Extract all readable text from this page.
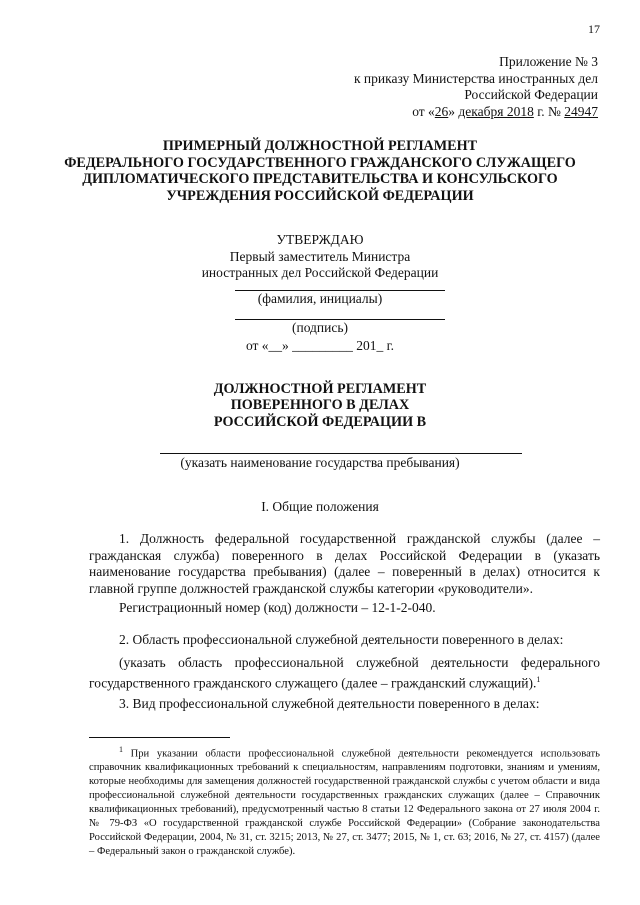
17
Приложение № 3
к приказу Министерства иностранных дел
Российской Федерации
от «26» декабря 2018 г. № 24947
ПРИМЕРНЫЙ ДОЛЖНОСТНОЙ РЕГЛАМЕНТ
ФЕДЕРАЛЬНОГО ГОСУДАРСТВЕННОГО ГРАЖДАНСКОГО СЛУЖАЩЕГО
ДИПЛОМАТИЧЕСКОГО ПРЕДСТАВИТЕЛЬСТВА И КОНСУЛЬСКОГО
УЧРЕЖДЕНИЯ РОССИЙСКОЙ ФЕДЕРАЦИИ
УТВЕРЖДАЮ
Первый заместитель Министра
иностранных дел Российской Федерации
(фамилия, инициалы)
(подпись)
от «__» _________ 201_ г.
ДОЛЖНОСТНОЙ РЕГЛАМЕНТ
ПОВЕРЕННОГО В ДЕЛАХ
РОССИЙСКОЙ ФЕДЕРАЦИИ В
(указать наименование государства пребывания)
I. Общие положения
1. Должность федеральной государственной гражданской службы (далее – гражданская служба) поверенного в делах Российской Федерации в (указать наименование государства пребывания) (далее – поверенный в делах) относится к главной группе должностей гражданской службы категории «руководители».
Регистрационный номер (код) должности – 12-1-2-040.
2. Область профессиональной служебной деятельности поверенного в делах:
(указать область профессиональной служебной деятельности федерального государственного гражданского служащего (далее – гражданский служащий).$^1$
3. Вид профессиональной служебной деятельности поверенного в делах:
$^1$ При указании области профессиональной служебной деятельности рекомендуется использовать справочник квалификационных требований к специальностям, направлениям подготовки, знаниям и умениям, которые необходимы для замещения должностей государственной гражданской службы с учетом области и вида профессиональной служебной деятельности государственных гражданских служащих (далее – Справочник квалификационных требований), предусмотренный частью 8 статьи 12 Федерального закона от 27 июля 2004 г. № 79-ФЗ «О государственной гражданской службе Российской Федерации» (Собрание законодательства Российской Федерации, 2004, № 31, ст. 3215; 2013, № 27, ст. 3477; 2015, № 1, ст. 63; 2016, № 27, ст. 4157) (далее – Федеральный закон о гражданской службе).
